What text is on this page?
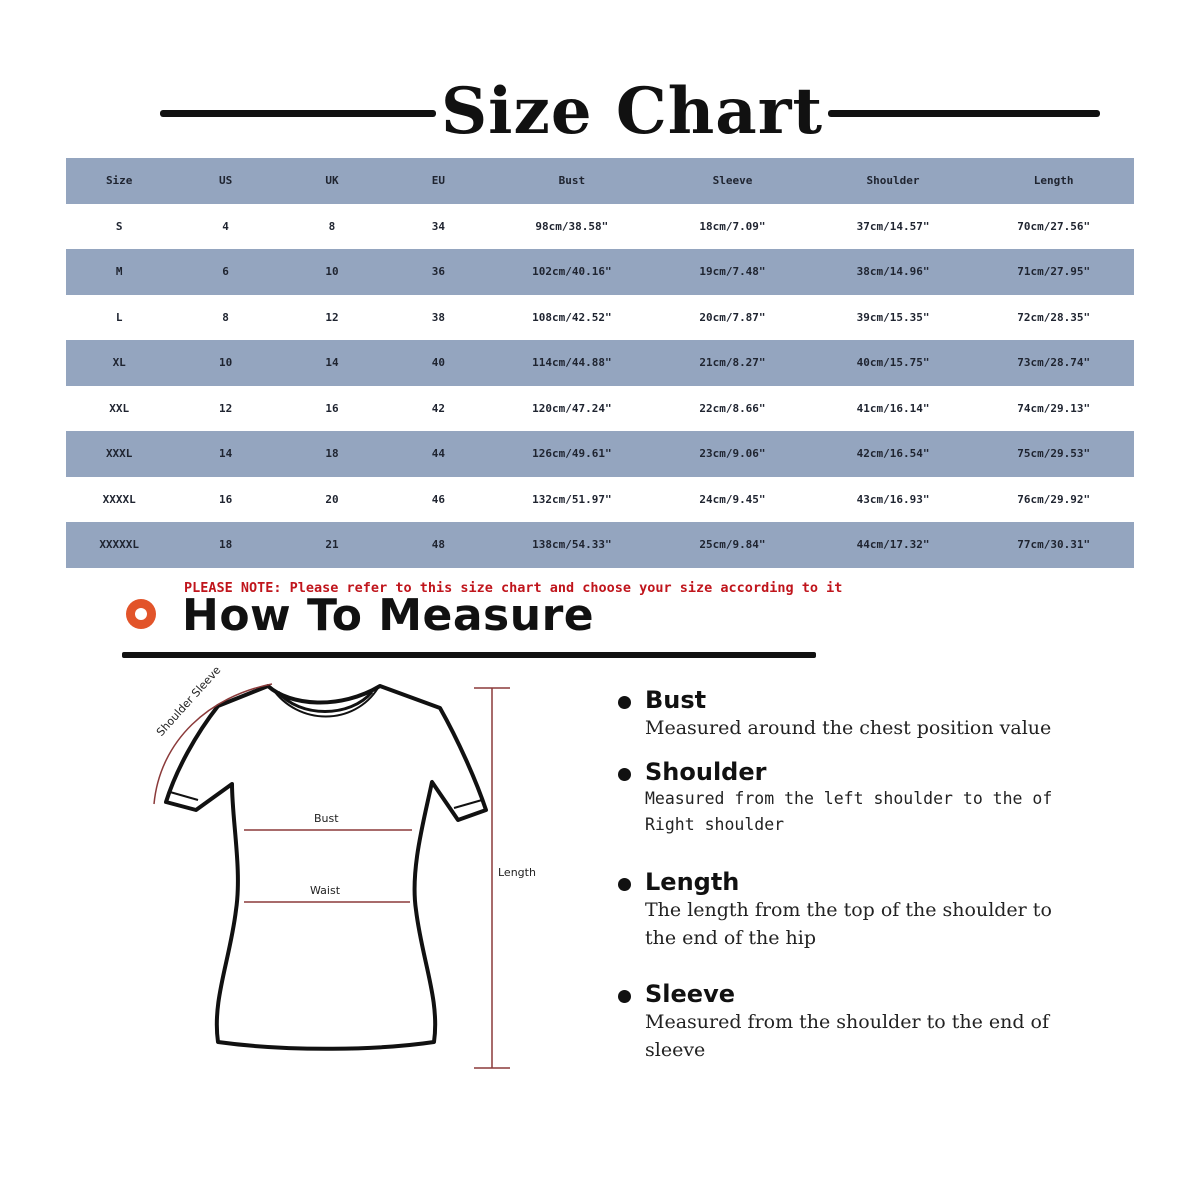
Size Chart
Size	US	UK	EU	Bust	Sleeve	Shoulder	Length
S	4	8	34	98cm/38.58"	18cm/7.09"	37cm/14.57"	70cm/27.56"
M	6	10	36	102cm/40.16"	19cm/7.48"	38cm/14.96"	71cm/27.95"
L	8	12	38	108cm/42.52"	20cm/7.87"	39cm/15.35"	72cm/28.35"
XL	10	14	40	114cm/44.88"	21cm/8.27"	40cm/15.75"	73cm/28.74"
XXL	12	16	42	120cm/47.24"	22cm/8.66"	41cm/16.14"	74cm/29.13"
XXXL	14	18	44	126cm/49.61"	23cm/9.06"	42cm/16.54"	75cm/29.53"
XXXXL	16	20	46	132cm/51.97"	24cm/9.45"	43cm/16.93"	76cm/29.92"
XXXXXL	18	21	48	138cm/54.33"	25cm/9.84"	44cm/17.32"	77cm/30.31"
PLEASE NOTE: Please refer to this size chart and choose your size according to it
How To Measure
Shoulder Sleeve
Bust
Waist
Length
Bust
Measured around the chest position value
Shoulder
Measured from the left shoulder to the of Right shoulder
Length
The length from the top of the shoulder to the end of the hip
Sleeve
Measured from the shoulder to the end of sleeve
